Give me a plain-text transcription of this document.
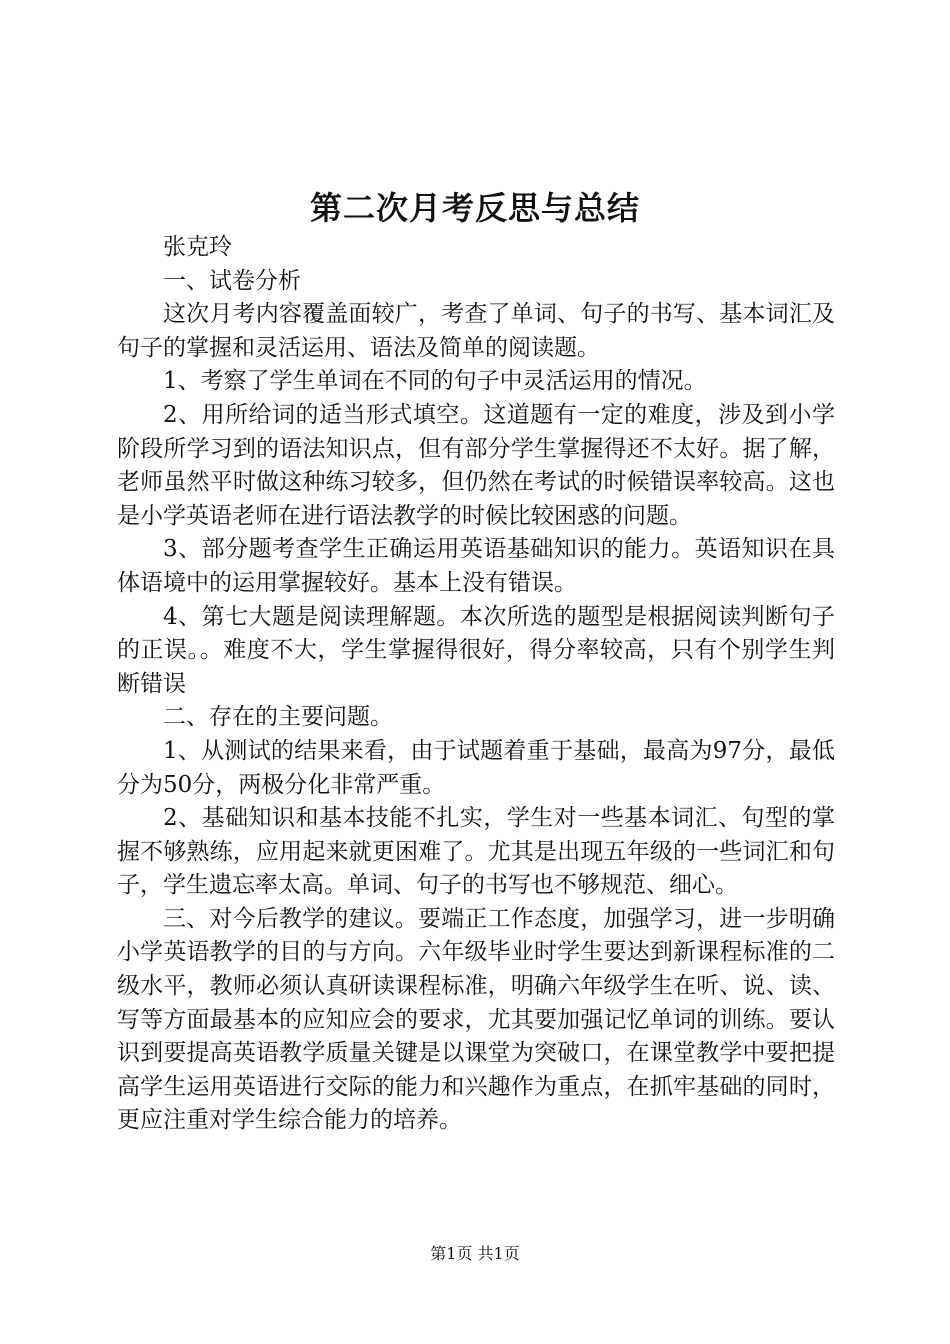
第二次月考反思与总结

张克玲

一、试卷分析

这次月考内容覆盖面较广，考查了单词、句子的书写、基本词汇及句子的掌握和灵活运用、语法及简单的阅读题。

1、考察了学生单词在不同的句子中灵活运用的情况。

2、用所给词的适当形式填空。这道题有一定的难度，涉及到小学阶段所学习到的语法知识点，但有部分学生掌握得还不太好。据了解，老师虽然平时做这种练习较多，但仍然在考试的时候错误率较高。这也是小学英语老师在进行语法教学的时候比较困惑的问题。

3、部分题考查学生正确运用英语基础知识的能力。英语知识在具体语境中的运用掌握较好。基本上没有错误。

4、第七大题是阅读理解题。本次所选的题型是根据阅读判断句子的正误。。难度不大，学生掌握得很好，得分率较高，只有个别学生判断错误

二、存在的主要问题。

1、从测试的结果来看，由于试题着重于基础，最高为97分，最低分为50分，两极分化非常严重。

2、基础知识和基本技能不扎实，学生对一些基本词汇、句型的掌握不够熟练，应用起来就更困难了。尤其是出现五年级的一些词汇和句子，学生遗忘率太高。单词、句子的书写也不够规范、细心。

三、对今后教学的建议。要端正工作态度，加强学习，进一步明确小学英语教学的目的与方向。六年级毕业时学生要达到新课程标准的二级水平，教师必须认真研读课程标准，明确六年级学生在听、说、读、写等方面最基本的应知应会的要求，尤其要加强记忆单词的训练。要认识到要提高英语教学质量关键是以课堂为突破口，在课堂教学中要把提高学生运用英语进行交际的能力和兴趣作为重点，在抓牢基础的同时，更应注重对学生综合能力的培养。

第1页 共1页
